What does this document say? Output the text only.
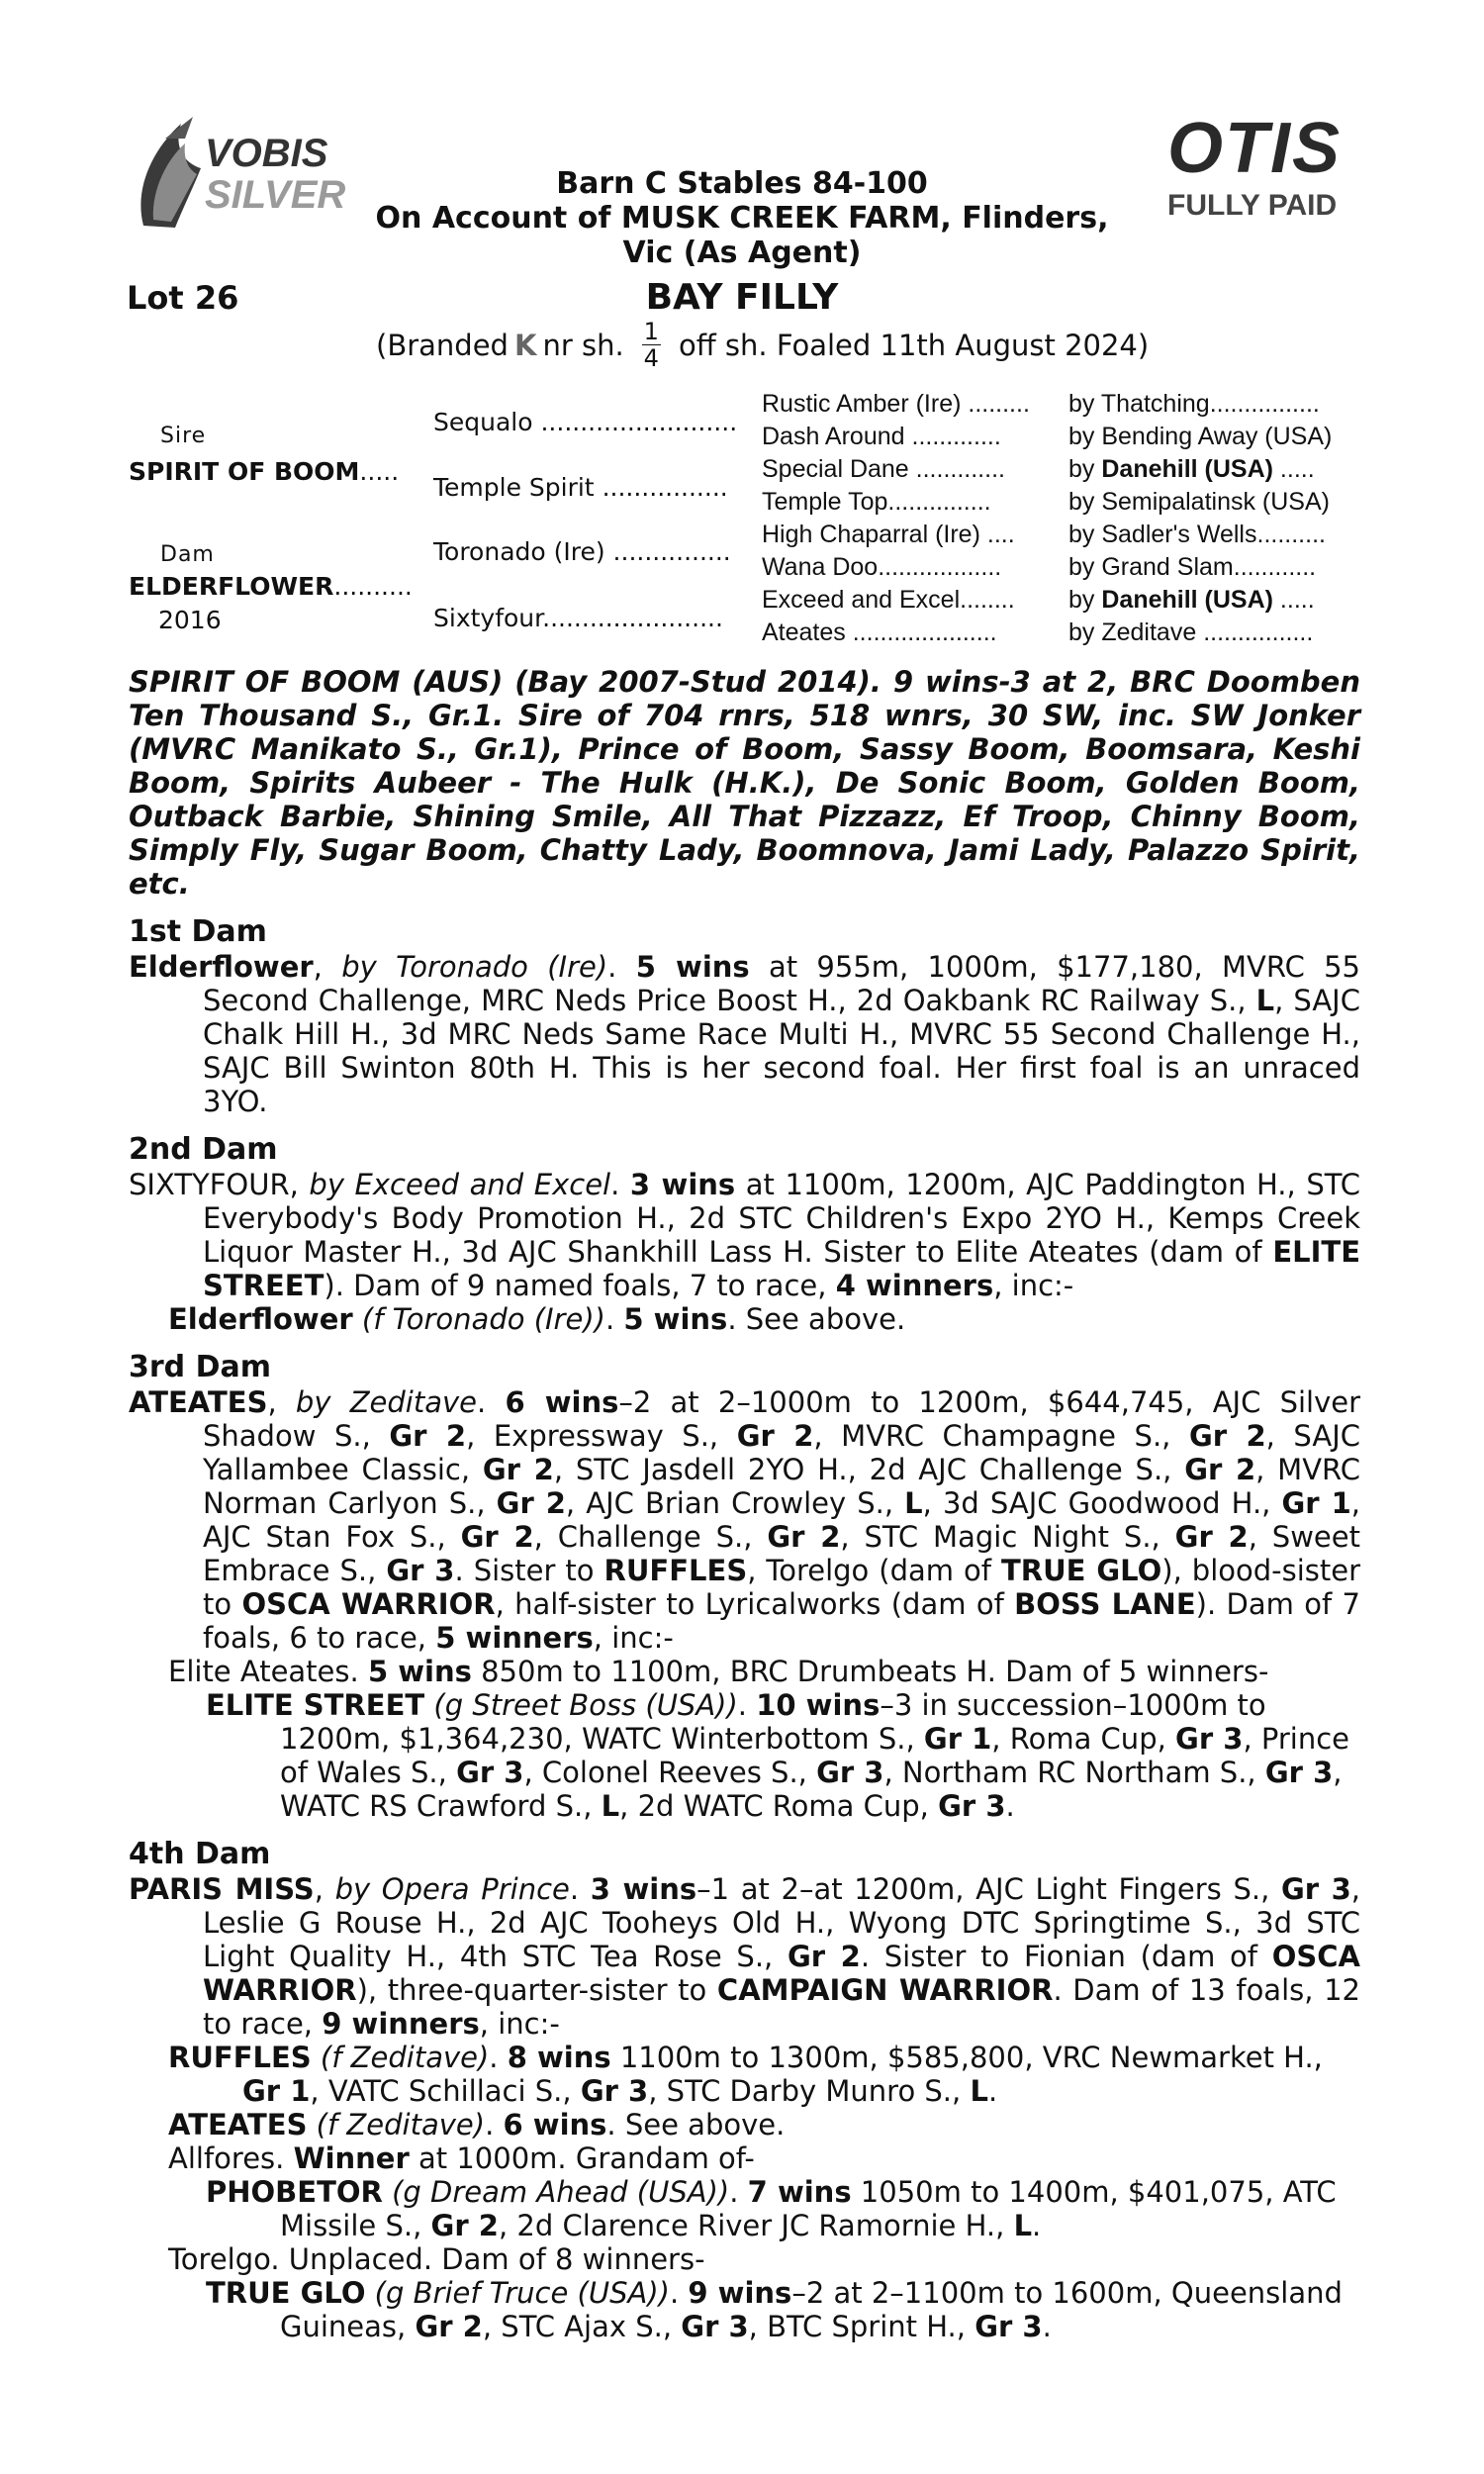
VOBIS
SILVER
OTIS
FULLY PAID
Barn C Stables 84-100
On Account of MUSK CREEK FARM, Flinders,
Vic (As Agent)
Lot 26	BAY FILLY
(Branded K nr sh. $\frac{1}{4}$ off sh. Foaled 11th August 2024)
Sire
SPIRIT OF BOOM.....
Dam
ELDERFLOWER..........
2016
Sequalo .........................
Temple Spirit ................
Toronado (Ire) ...............
Sixtyfour.......................
Rustic Amber (Ire) .........
Dash Around .............
Special Dane .............
Temple Top...............
High Chaparral (Ire) ....
Wana Doo..................
Exceed and Excel........
Ateates .....................
by Thatching................
by Bending Away (USA)
by Danehill (USA) .....
by Semipalatinsk (USA)
by Sadler's Wells..........
by Grand Slam............
by Danehill (USA) .....
by Zeditave ................
SPIRIT OF BOOM (AUS) (Bay 2007-Stud 2014). 9 wins-3 at 2, BRC Doomben Ten Thousand S., Gr.1. Sire of 704 rnrs, 518 wnrs, 30 SW, inc. SW Jonker (MVRC Manikato S., Gr.1), Prince of Boom, Sassy Boom, Boomsara, Keshi Boom, Spirits Aubeer - The Hulk (H.K.), De Sonic Boom, Golden Boom, Outback Barbie, Shining Smile, All That Pizzazz, Ef Troop, Chinny Boom, Simply Fly, Sugar Boom, Chatty Lady, Boomnova, Jami Lady, Palazzo Spirit, etc.
1st Dam
Elderflower, by Toronado (Ire). 5 wins at 955m, 1000m, $177,180, MVRC 55 Second Challenge, MRC Neds Price Boost H., 2d Oakbank RC Railway S., L, SAJC Chalk Hill H., 3d MRC Neds Same Race Multi H., MVRC 55 Second Challenge H., SAJC Bill Swinton 80th H. This is her second foal. Her first foal is an unraced 3YO.
2nd Dam
SIXTYFOUR, by Exceed and Excel. 3 wins at 1100m, 1200m, AJC Paddington H., STC Everybody's Body Promotion H., 2d STC Children's Expo 2YO H., Kemps Creek Liquor Master H., 3d AJC Shankhill Lass H. Sister to Elite Ateates (dam of ELITE STREET). Dam of 9 named foals, 7 to race, 4 winners, inc:-
Elderflower (f Toronado (Ire)). 5 wins. See above.
3rd Dam
ATEATES, by Zeditave. 6 wins–2 at 2–1000m to 1200m, $644,745, AJC Silver Shadow S., Gr 2, Expressway S., Gr 2, MVRC Champagne S., Gr 2, SAJC Yallambee Classic, Gr 2, STC Jasdell 2YO H., 2d AJC Challenge S., Gr 2, MVRC Norman Carlyon S., Gr 2, AJC Brian Crowley S., L, 3d SAJC Goodwood H., Gr 1, AJC Stan Fox S., Gr 2, Challenge S., Gr 2, STC Magic Night S., Gr 2, Sweet Embrace S., Gr 3. Sister to RUFFLES, Torelgo (dam of TRUE GLO), blood-sister to OSCA WARRIOR, half-sister to Lyricalworks (dam of BOSS LANE). Dam of 7 foals, 6 to race, 5 winners, inc:-
Elite Ateates. 5 wins 850m to 1100m, BRC Drumbeats H. Dam of 5 winners-
ELITE STREET (g Street Boss (USA)). 10 wins–3 in succession–1000m to 1200m, $1,364,230, WATC Winterbottom S., Gr 1, Roma Cup, Gr 3, Prince of Wales S., Gr 3, Colonel Reeves S., Gr 3, Northam RC Northam S., Gr 3, WATC RS Crawford S., L, 2d WATC Roma Cup, Gr 3.
4th Dam
PARIS MISS, by Opera Prince. 3 wins–1 at 2–at 1200m, AJC Light Fingers S., Gr 3, Leslie G Rouse H., 2d AJC Tooheys Old H., Wyong DTC Springtime S., 3d STC Light Quality H., 4th STC Tea Rose S., Gr 2. Sister to Fionian (dam of OSCA WARRIOR), three-quarter-sister to CAMPAIGN WARRIOR. Dam of 13 foals, 12 to race, 9 winners, inc:-
RUFFLES (f Zeditave). 8 wins 1100m to 1300m, $585,800, VRC Newmarket H., Gr 1, VATC Schillaci S., Gr 3, STC Darby Munro S., L.
ATEATES (f Zeditave). 6 wins. See above.
Allfores. Winner at 1000m. Grandam of-
PHOBETOR (g Dream Ahead (USA)). 7 wins 1050m to 1400m, $401,075, ATC Missile S., Gr 2, 2d Clarence River JC Ramornie H., L.
Torelgo. Unplaced. Dam of 8 winners-
TRUE GLO (g Brief Truce (USA)). 9 wins–2 at 2–1100m to 1600m, Queensland Guineas, Gr 2, STC Ajax S., Gr 3, BTC Sprint H., Gr 3.
